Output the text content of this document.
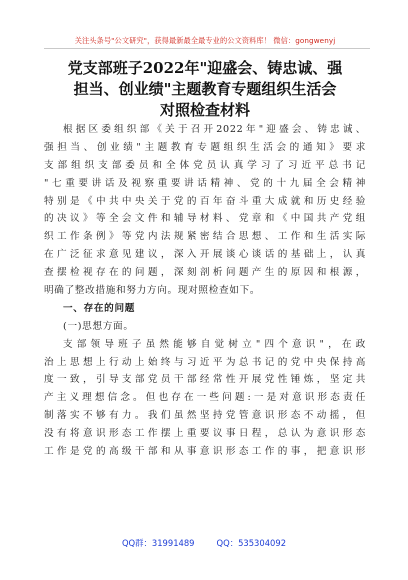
关注头条号"公文研究"，获得最新最全最专业的公文资料库！ 微信：gongwenyj
党支部班子2022年"迎盛会、铸忠诚、强
担当、创业绩"主题教育专题组织生活会
对照检查材料
根据区委组织部《关于召开2022年"迎盛会、铸忠诚、
强担当、创业绩"主题教育专题组织生活会的通知》要求
支部组织支部委员和全体党员认真学习了习近平总书记
"七重要讲话及视察重要讲话精神、党的十九届全会精神
特别是《中共中央关于党的百年奋斗重大成就和历史经验
的决议》等全会文件和辅导材料、党章和《中国共产党组
织工作条例》等党内法规紧密结合思想、工作和生活实际
在广泛征求意见建议，深入开展谈心谈话的基础上，认真
查摆检视存在的问题，深刻剖析问题产生的原因和根源，
明确了整改措施和努力方向。现对照检查如下。
一、存在的问题
(一)思想方面。
支部领导班子虽然能够自觉树立"四个意识"，在政
治上思想上行动上始终与习近平为总书记的党中央保持高
度一致，引导支部党员干部经常性开展党性锤炼，坚定共
产主义理想信念。但也存在一些问题:一是对意识形态责任
制落实不够有力。我们虽然坚持党管意识形态不动摇，但
没有将意识形态工作摆上重要议事日程，总认为意识形态
工作是党的高级干部和从事意识形态工作的事，把意识形
QQ群：31991489	QQ：535304092
